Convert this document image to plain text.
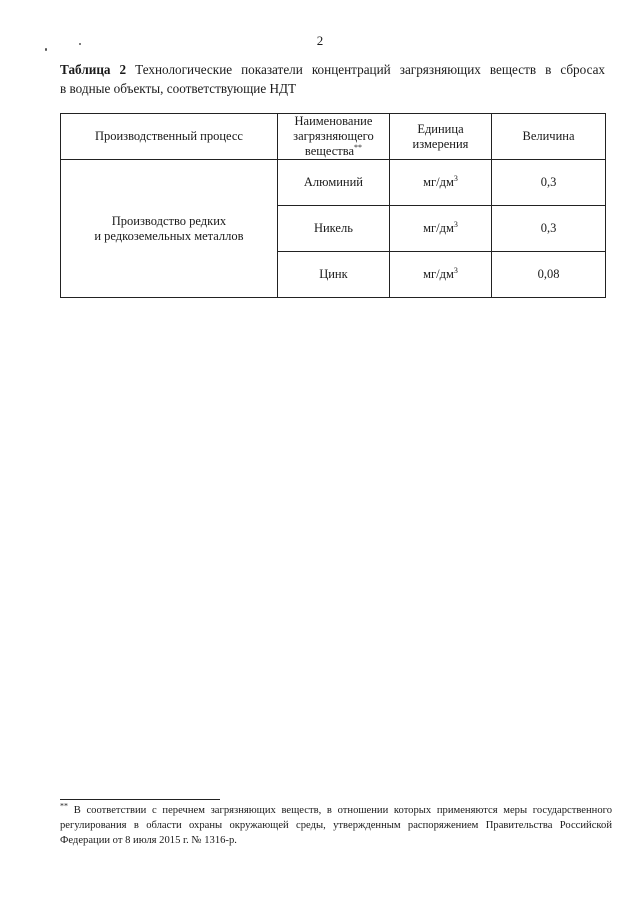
2
Таблица 2 Технологические показатели концентраций загрязняющих веществ в сбросах
в водные объекты, соответствующие НДТ
Производственный процесс	Наименование загрязняющего вещества**	Единица измерения	Величина
Производство редких
и редкоземельных металлов	Алюминий	$мг/дм^3$	0,3
	Никель	$мг/дм^3$	0,3
	Цинк	$мг/дм^3$	0,08
** В соответствии с перечнем загрязняющих веществ, в отношении которых применяются меры государственного регулирования в области охраны окружающей среды, утвержденным распоряжением Правительства Российской Федерации от 8 июля 2015 г. № 1316-р.
